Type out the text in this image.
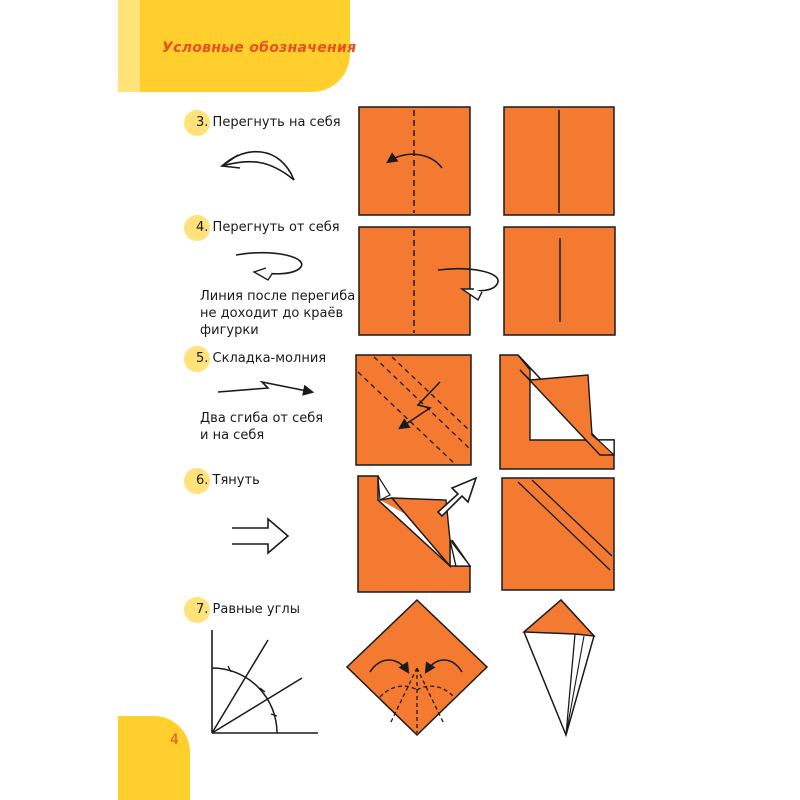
Условные обозначения
4
3. Перегнуть на себя
4. Перегнуть от себя
Линия после перегиба
не доходит до краёв
фигурки
5. Складка-молния
Два сгиба от себя
и на себя
6. Тянуть
7. Равные углы
